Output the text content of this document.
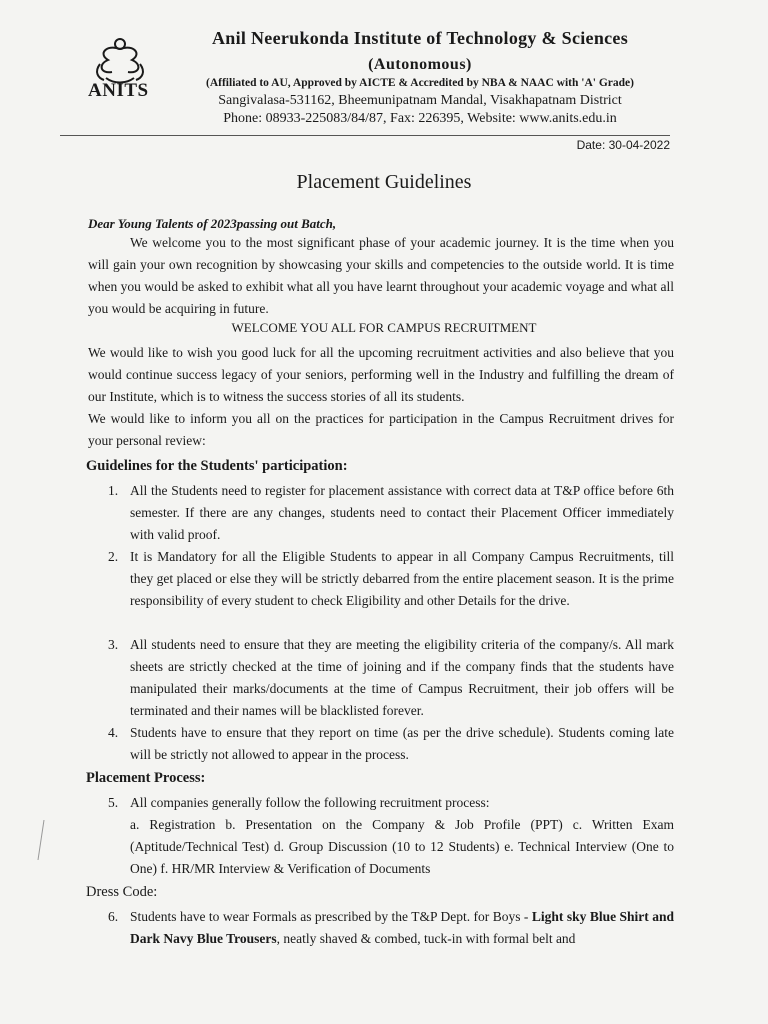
ANITS
Anil Neerukonda Institute of Technology & Sciences
(Autonomous)
(Affiliated to AU, Approved by AICTE & Accredited by NBA & NAAC with 'A' Grade)
Sangivalasa-531162, Bheemunipatnam Mandal, Visakhapatnam District
Phone: 08933-225083/84/87, Fax: 226395, Website: www.anits.edu.in
Date: 30-04-2022
Placement Guidelines
Dear Young Talents of 2023passing out Batch,
We welcome you to the most significant phase of your academic journey. It is the time when you will gain your own recognition by showcasing your skills and competencies to the outside world. It is time when you would be asked to exhibit what all you have learnt throughout your academic voyage and what all you would be acquiring in future.
WELCOME YOU ALL FOR CAMPUS RECRUITMENT
We would like to wish you good luck for all the upcoming recruitment activities and also believe that you would continue success legacy of your seniors, performing well in the Industry and fulfilling the dream of our Institute, which is to witness the success stories of all its students.
We would like to inform you all on the practices for participation in the Campus Recruitment drives for your personal review:
Guidelines for the Students' participation:
1. All the Students need to register for placement assistance with correct data at T&P office before 6th semester. If there are any changes, students need to contact their Placement Officer immediately with valid proof.
2. It is Mandatory for all the Eligible Students to appear in all Company Campus Recruitments, till they get placed or else they will be strictly debarred from the entire placement season. It is the prime responsibility of every student to check Eligibility and other Details for the drive.
3. All students need to ensure that they are meeting the eligibility criteria of the company/s. All mark sheets are strictly checked at the time of joining and if the company finds that the students have manipulated their marks/documents at the time of Campus Recruitment, their job offers will be terminated and their names will be blacklisted forever.
4. Students have to ensure that they report on time (as per the drive schedule). Students coming late will be strictly not allowed to appear in the process.
Placement Process:
5. All companies generally follow the following recruitment process:
a. Registration b. Presentation on the Company & Job Profile (PPT) c. Written Exam (Aptitude/Technical Test) d. Group Discussion (10 to 12 Students) e. Technical Interview (One to One) f. HR/MR Interview & Verification of Documents
Dress Code:
6. Students have to wear Formals as prescribed by the T&P Dept. for Boys - Light sky Blue Shirt and Dark Navy Blue Trousers, neatly shaved & combed, tuck-in with formal belt and
